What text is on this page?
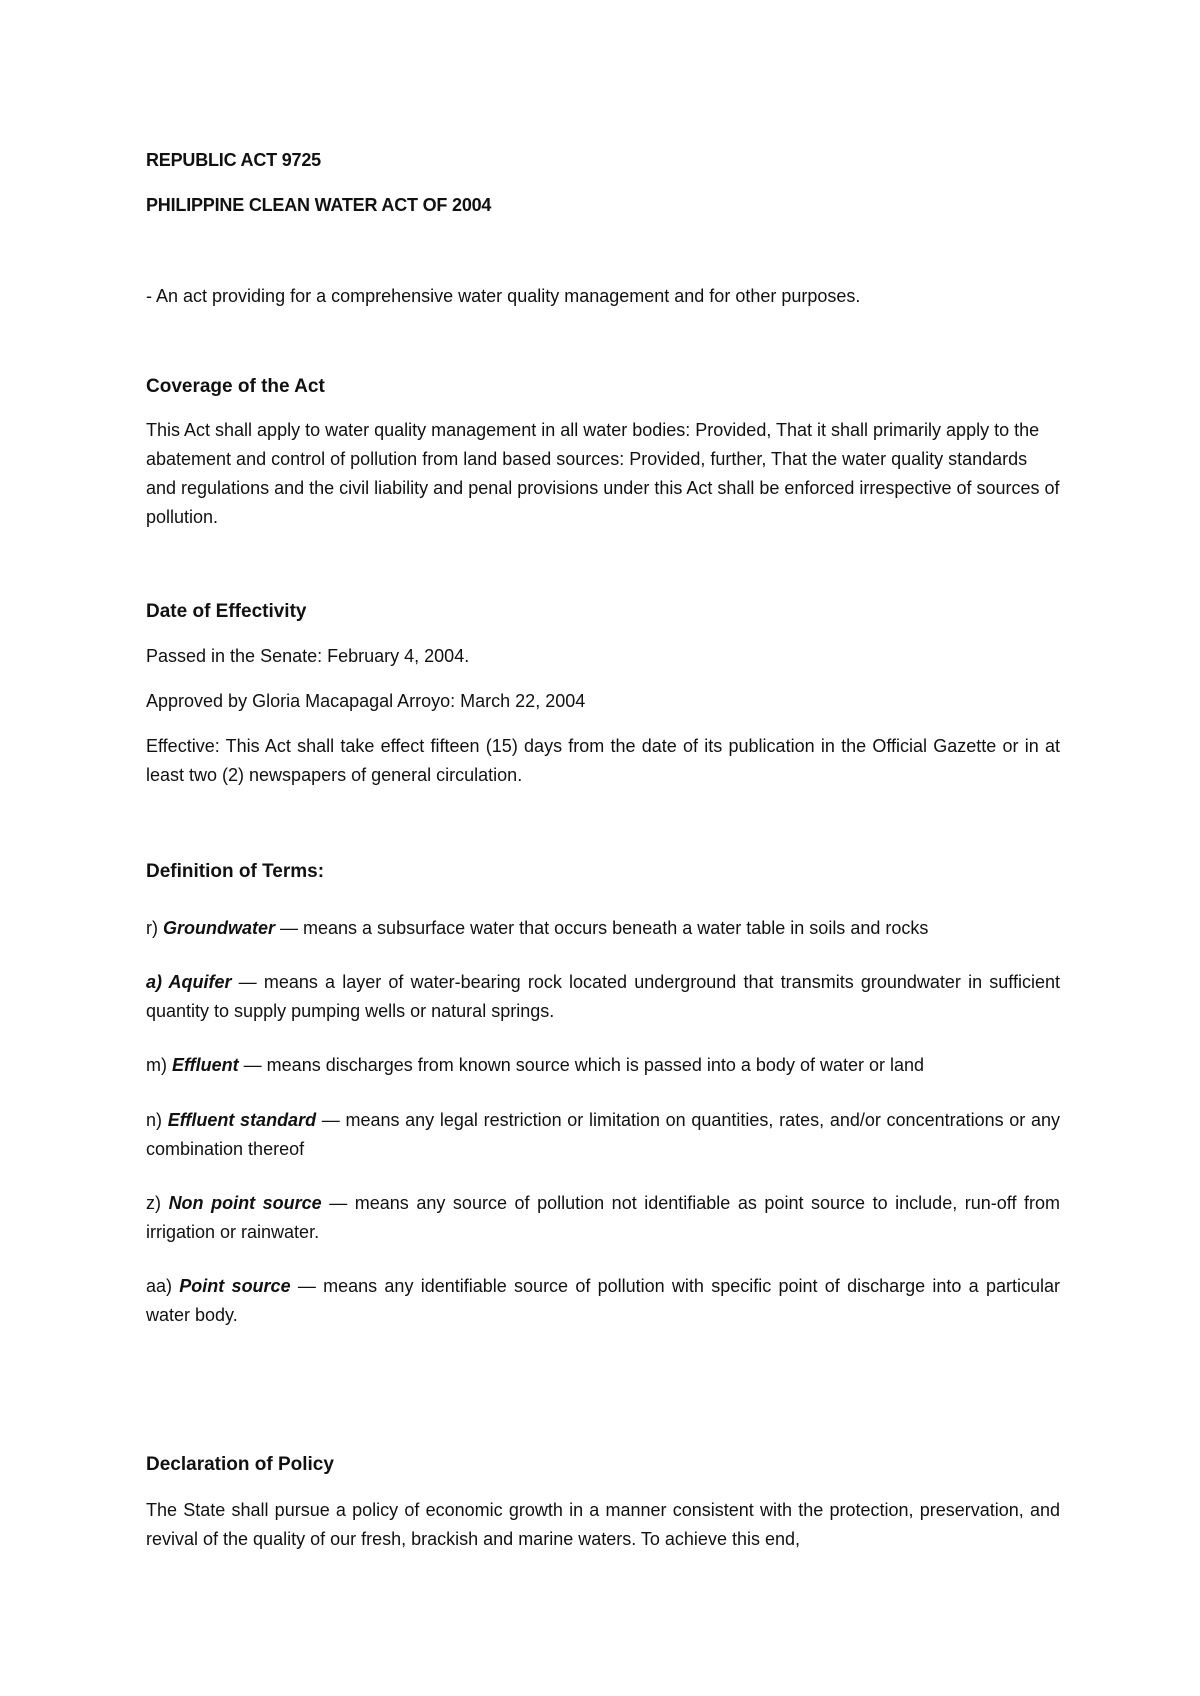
REPUBLIC ACT 9725

PHILIPPINE CLEAN WATER ACT OF 2004

- An act providing for a comprehensive water quality management and for other purposes.

Coverage of the Act

This Act shall apply to water quality management in all water bodies: Provided, That it shall primarily apply to the abatement and control of pollution from land based sources: Provided, further, That the water quality standards and regulations and the civil liability and penal provisions under this Act shall be enforced irrespective of sources of pollution.

Date of Effectivity

Passed in the Senate: February 4, 2004.

Approved by Gloria Macapagal Arroyo: March 22, 2004

Effective: This Act shall take effect fifteen (15) days from the date of its publication in the Official Gazette or in at least two (2) newspapers of general circulation.

Definition of Terms:

r) Groundwater — means a subsurface water that occurs beneath a water table in soils and rocks

a) Aquifer — means a layer of water-bearing rock located underground that transmits groundwater in sufficient quantity to supply pumping wells or natural springs.

m) Effluent — means discharges from known source which is passed into a body of water or land

n) Effluent standard — means any legal restriction or limitation on quantities, rates, and/or concentrations or any combination thereof

z) Non point source — means any source of pollution not identifiable as point source to include, run-off from irrigation or rainwater.

aa) Point source — means any identifiable source of pollution with specific point of discharge into a particular water body.

Declaration of Policy

The State shall pursue a policy of economic growth in a manner consistent with the protection, preservation, and revival of the quality of our fresh, brackish and marine waters. To achieve this end,
